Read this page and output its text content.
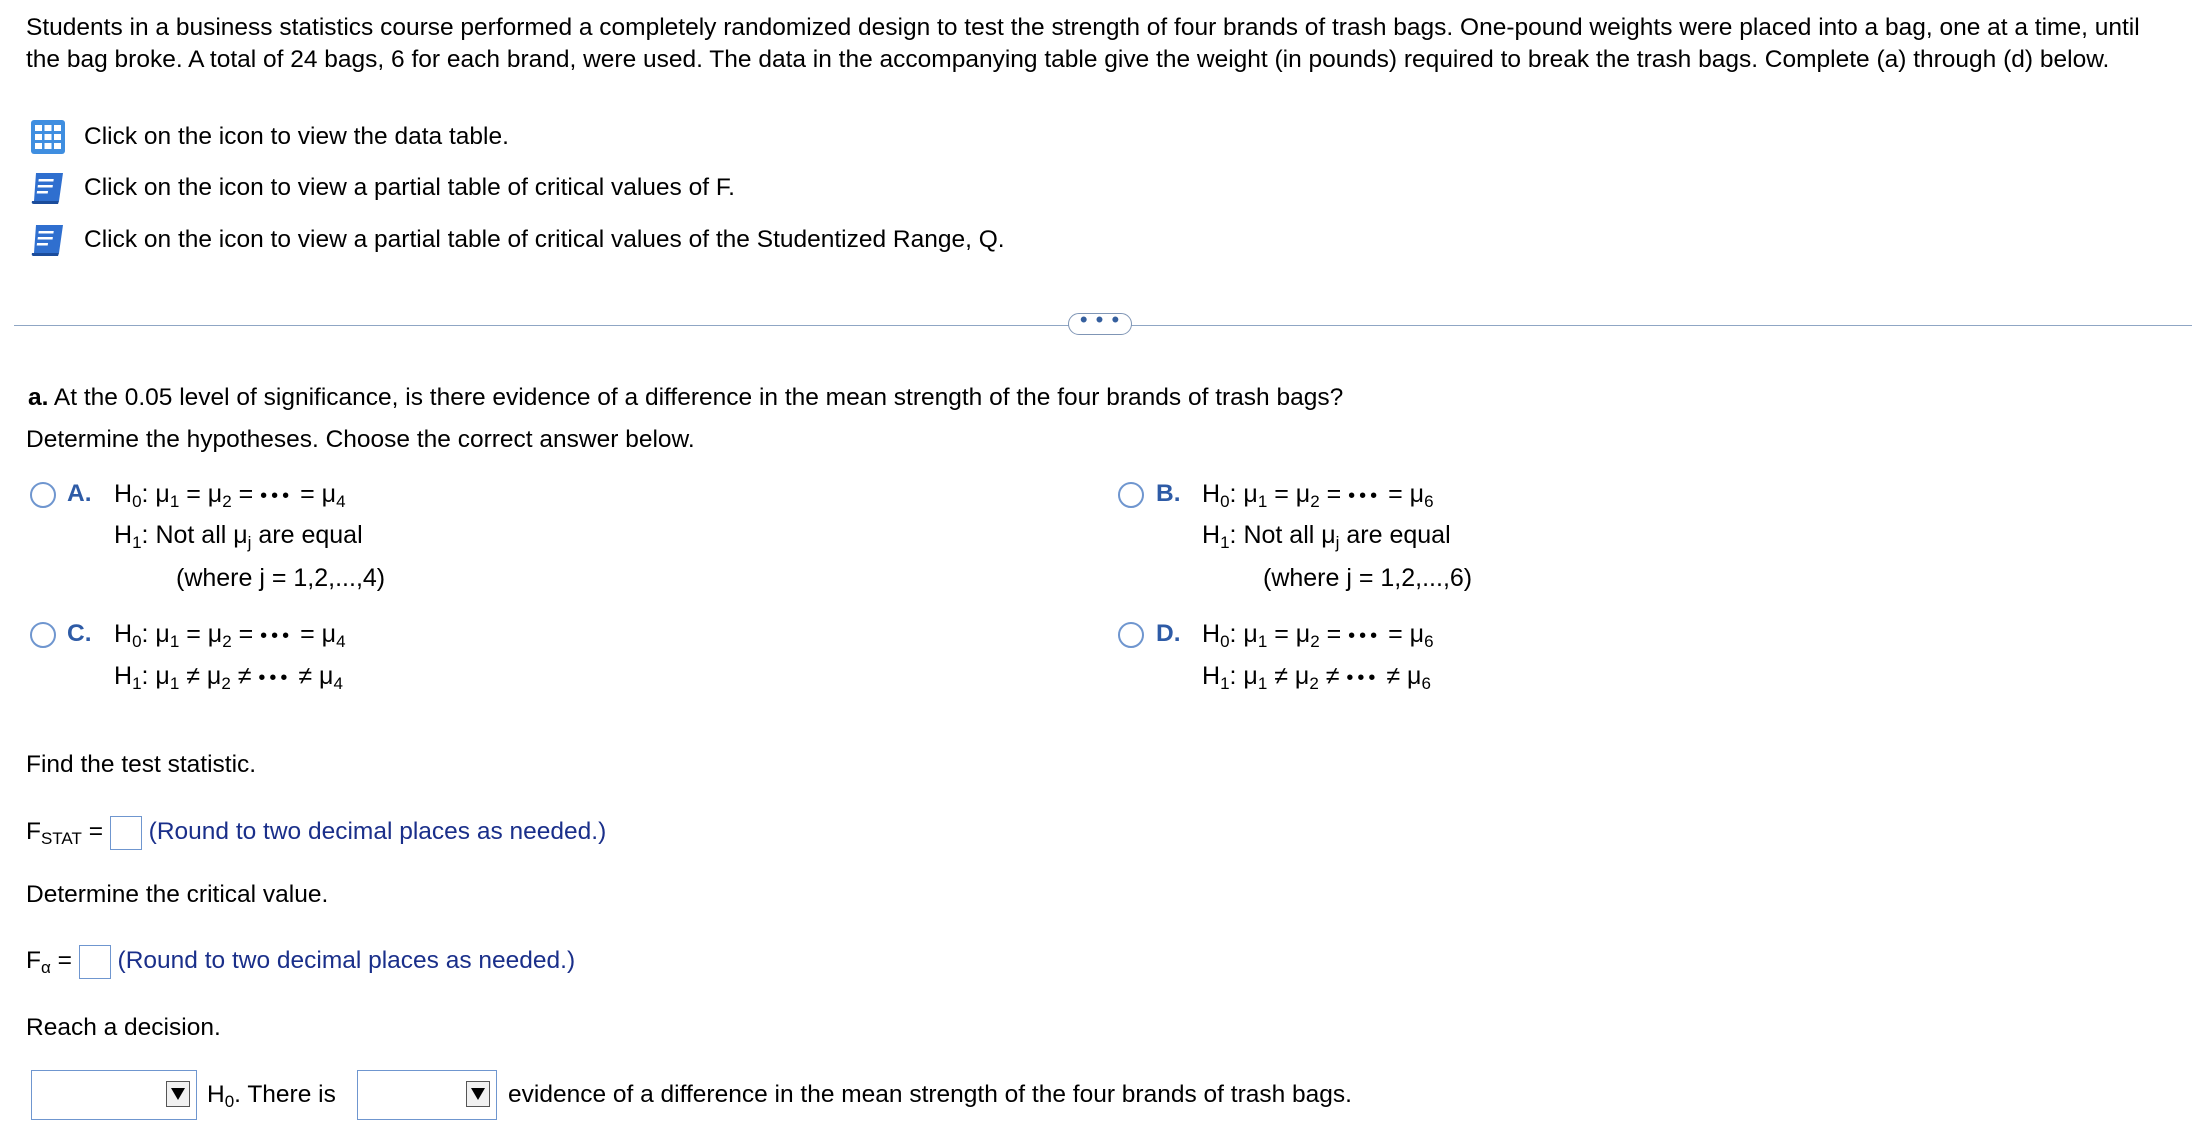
Students in a business statistics course performed a completely randomized design to test the strength of four brands of trash bags. One-pound weights were placed into a bag, one at a time, until the bag broke. A total of 24 bags, 6 for each brand, were used. The data in the accompanying table give the weight (in pounds) required to break the trash bags. Complete (a) through (d) below.

Click on the icon to view the data table.
Click on the icon to view a partial table of critical values of F.
Click on the icon to view a partial table of critical values of the Studentized Range, Q.
• • •
a. At the 0.05 level of significance, is there evidence of a difference in the mean strength of the four brands of trash bags?
Determine the hypotheses. Choose the correct answer below.
A. $H_0$: $\mu_1 = \mu_2$ = ••• = $\mu_4$
$H_1$: Not all $\mu_j$ are equal
(where j = 1,2,...,4)
B. $H_0$: $\mu_1 = \mu_2$ = ••• = $\mu_6$
$H_1$: Not all $\mu_j$ are equal
(where j = 1,2,...,6)
C. $H_0$: $\mu_1 = \mu_2$ = ••• = $\mu_4$
$H_1$: $\mu_1 \ne \mu_2$ ≠ ••• ≠ $\mu_4$
D. $H_0$: $\mu_1 = \mu_2$ = ••• = $\mu_6$
$H_1$: $\mu_1 \ne \mu_2$ ≠ ••• ≠ $\mu_6$
Find the test statistic.
$F_{STAT}$ = (Round to two decimal places as needed.)
Determine the critical value.
$F_\alpha$ = (Round to two decimal places as needed.)
Reach a decision.
$H_0$. There is	evidence of a difference in the mean strength of the four brands of trash bags.
